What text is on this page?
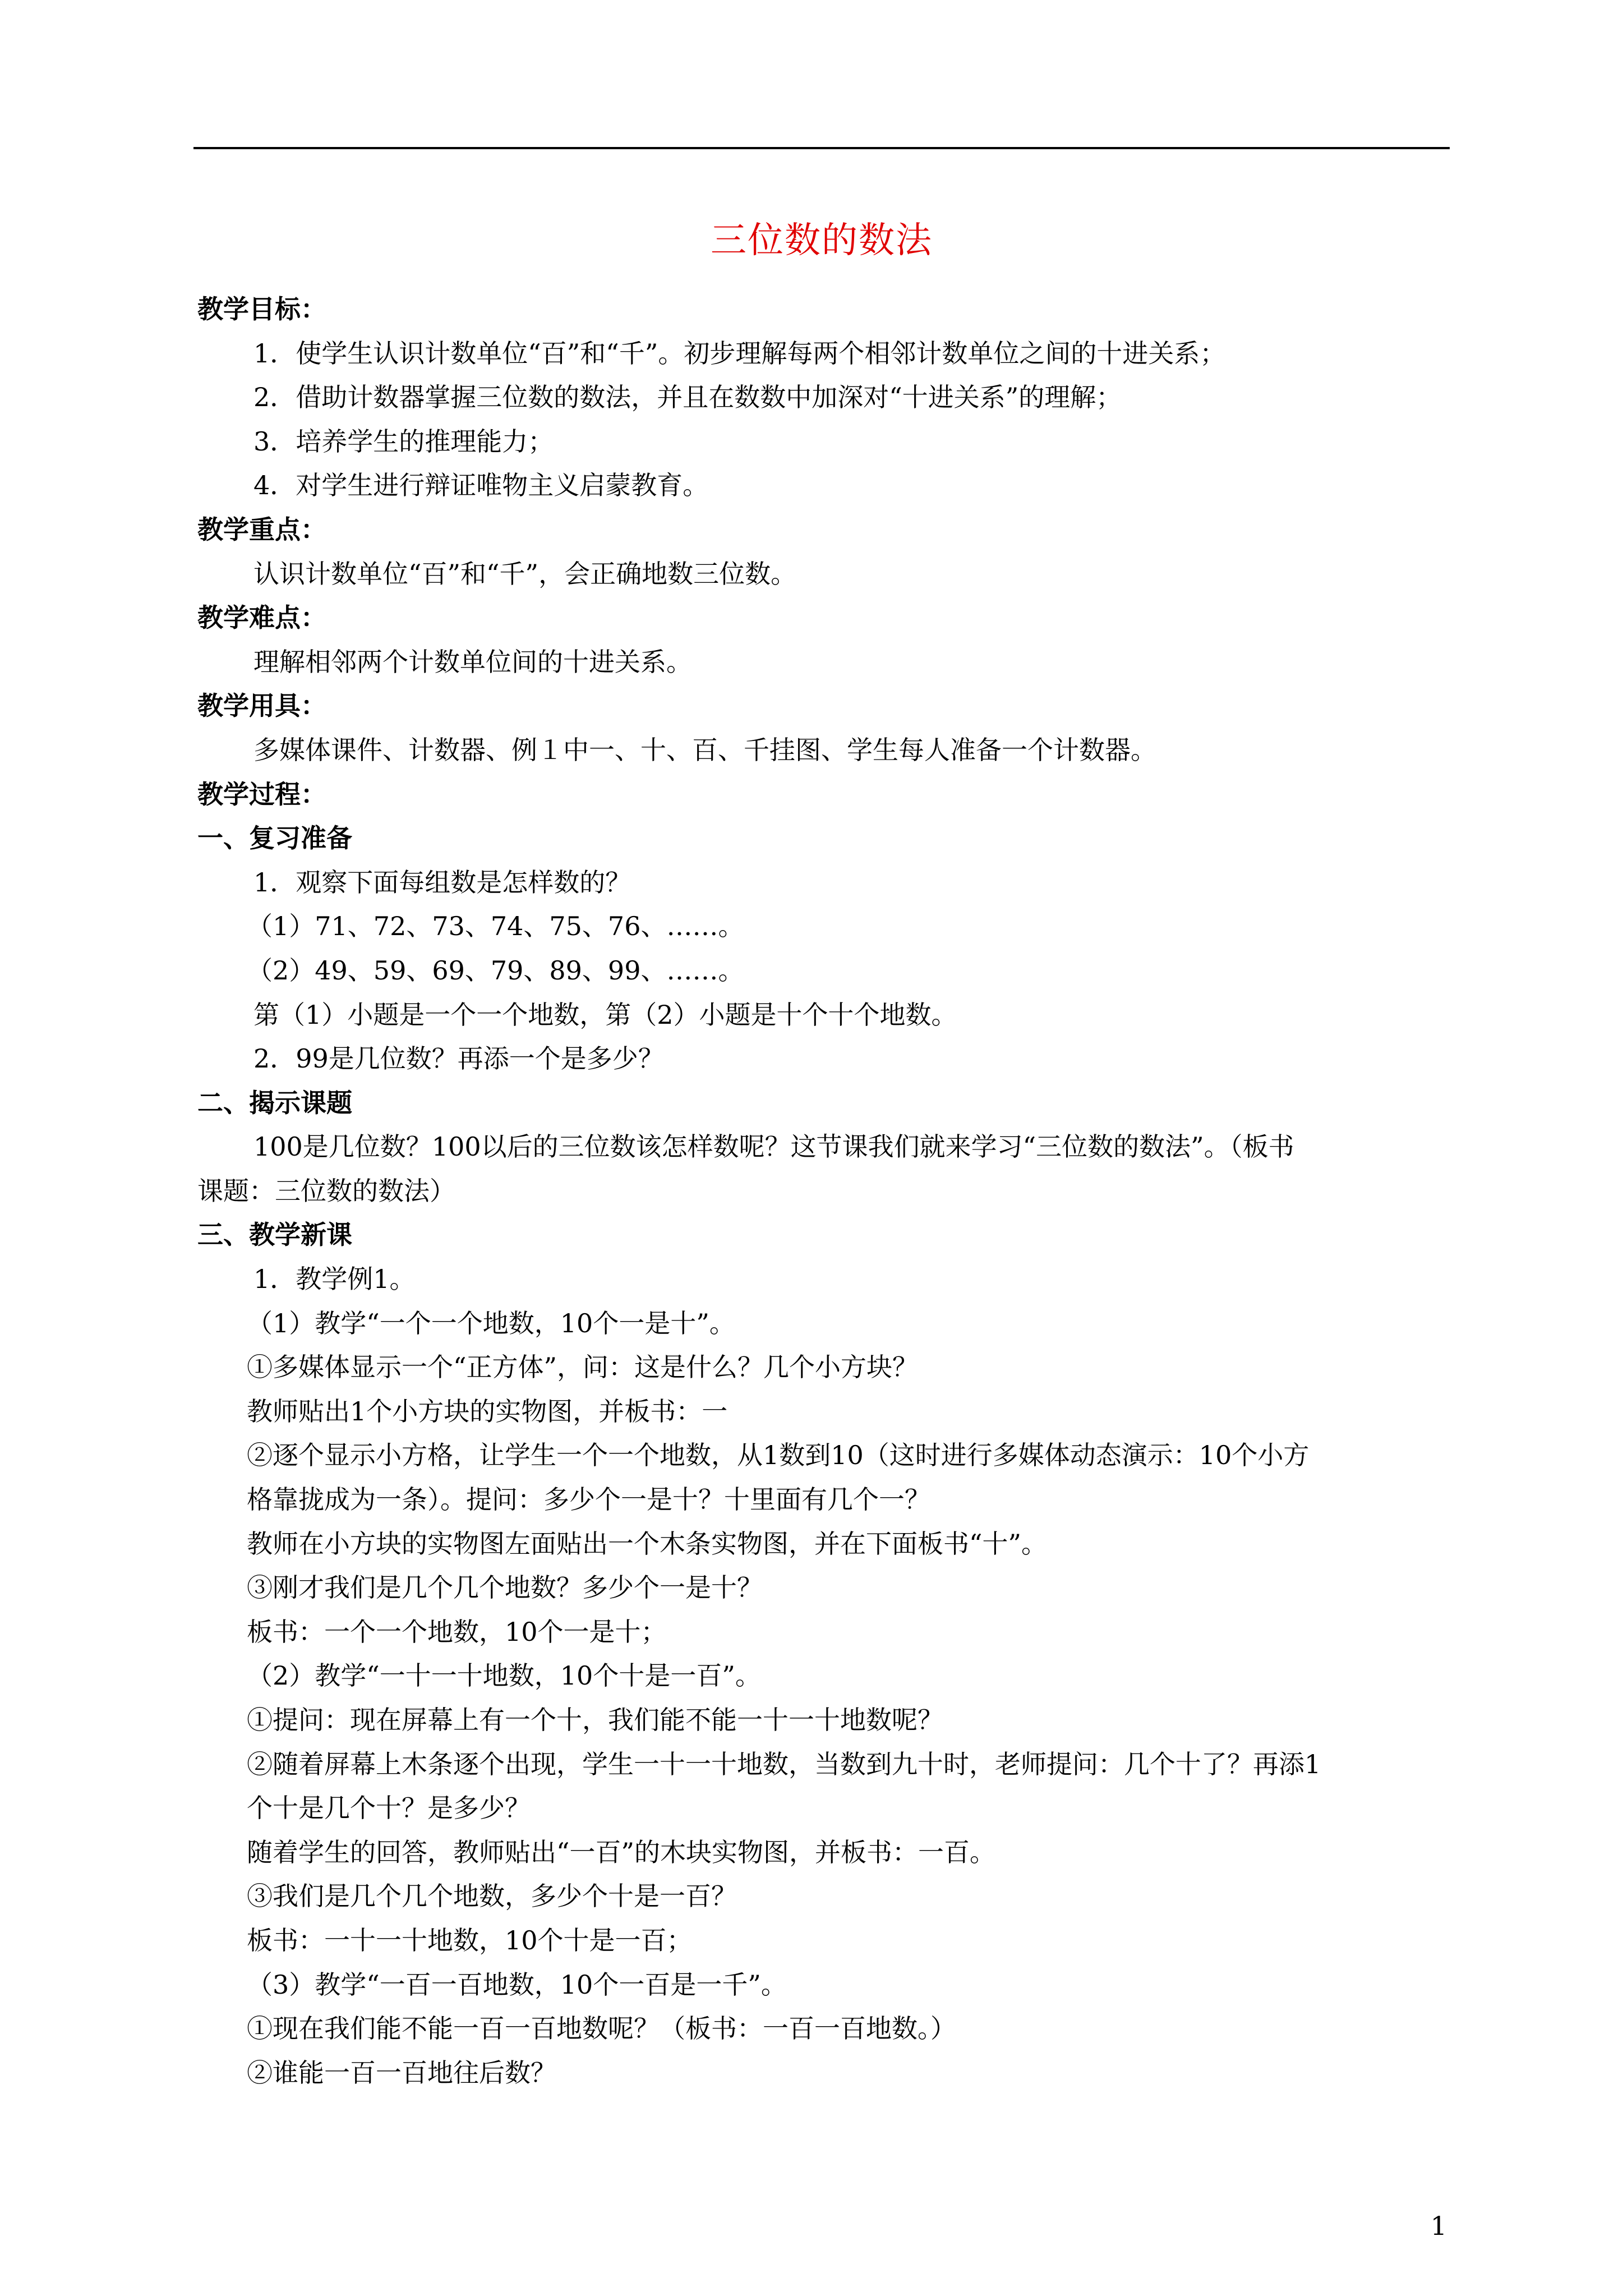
三位数的数法
教学目标：
1．使学生认识计数单位“百”和“千”。初步理解每两个相邻计数单位之间的十进关系；
2．借助计数器掌握三位数的数法，并且在数数中加深对“十进关系”的理解；
3．培养学生的推理能力；
4．对学生进行辩证唯物主义启蒙教育。
教学重点：
认识计数单位“百”和“千”，会正确地数三位数。
教学难点：
理解相邻两个计数单位间的十进关系。
教学用具：
多媒体课件、计数器、例１中一、十、百、千挂图、学生每人准备一个计数器。
教学过程：
一、复习准备
1．观察下面每组数是怎样数的？
（1）71、72、73、74、75、76、……。
（2）49、59、69、79、89、99、……。
第（1）小题是一个一个地数，第（2）小题是十个十个地数。
2．99是几位数？再添一个是多少？
二、揭示课题
100是几位数？100以后的三位数该怎样数呢？这节课我们就来学习“三位数的数法”。（板书
课题：三位数的数法）
三、教学新课
1．教学例1。
（1）教学“一个一个地数，10个一是十”。
①多媒体显示一个“正方体”，问：这是什么？几个小方块？
教师贴出1个小方块的实物图，并板书：一
②逐个显示小方格，让学生一个一个地数，从1数到10（这时进行多媒体动态演示：10个小方
格靠拢成为一条）。提问：多少个一是十？十里面有几个一？
教师在小方块的实物图左面贴出一个木条实物图，并在下面板书“十”。
③刚才我们是几个几个地数？多少个一是十？
板书：一个一个地数，10个一是十；
（2）教学“一十一十地数，10个十是一百”。
①提问：现在屏幕上有一个十，我们能不能一十一十地数呢？
②随着屏幕上木条逐个出现，学生一十一十地数，当数到九十时，老师提问：几个十了？再添1
个十是几个十？是多少？
随着学生的回答，教师贴出“一百”的木块实物图，并板书：一百。
③我们是几个几个地数，多少个十是一百？
板书：一十一十地数，10个十是一百；
（3）教学“一百一百地数，10个一百是一千”。
①现在我们能不能一百一百地数呢？（板书：一百一百地数。）
②谁能一百一百地往后数？
1
